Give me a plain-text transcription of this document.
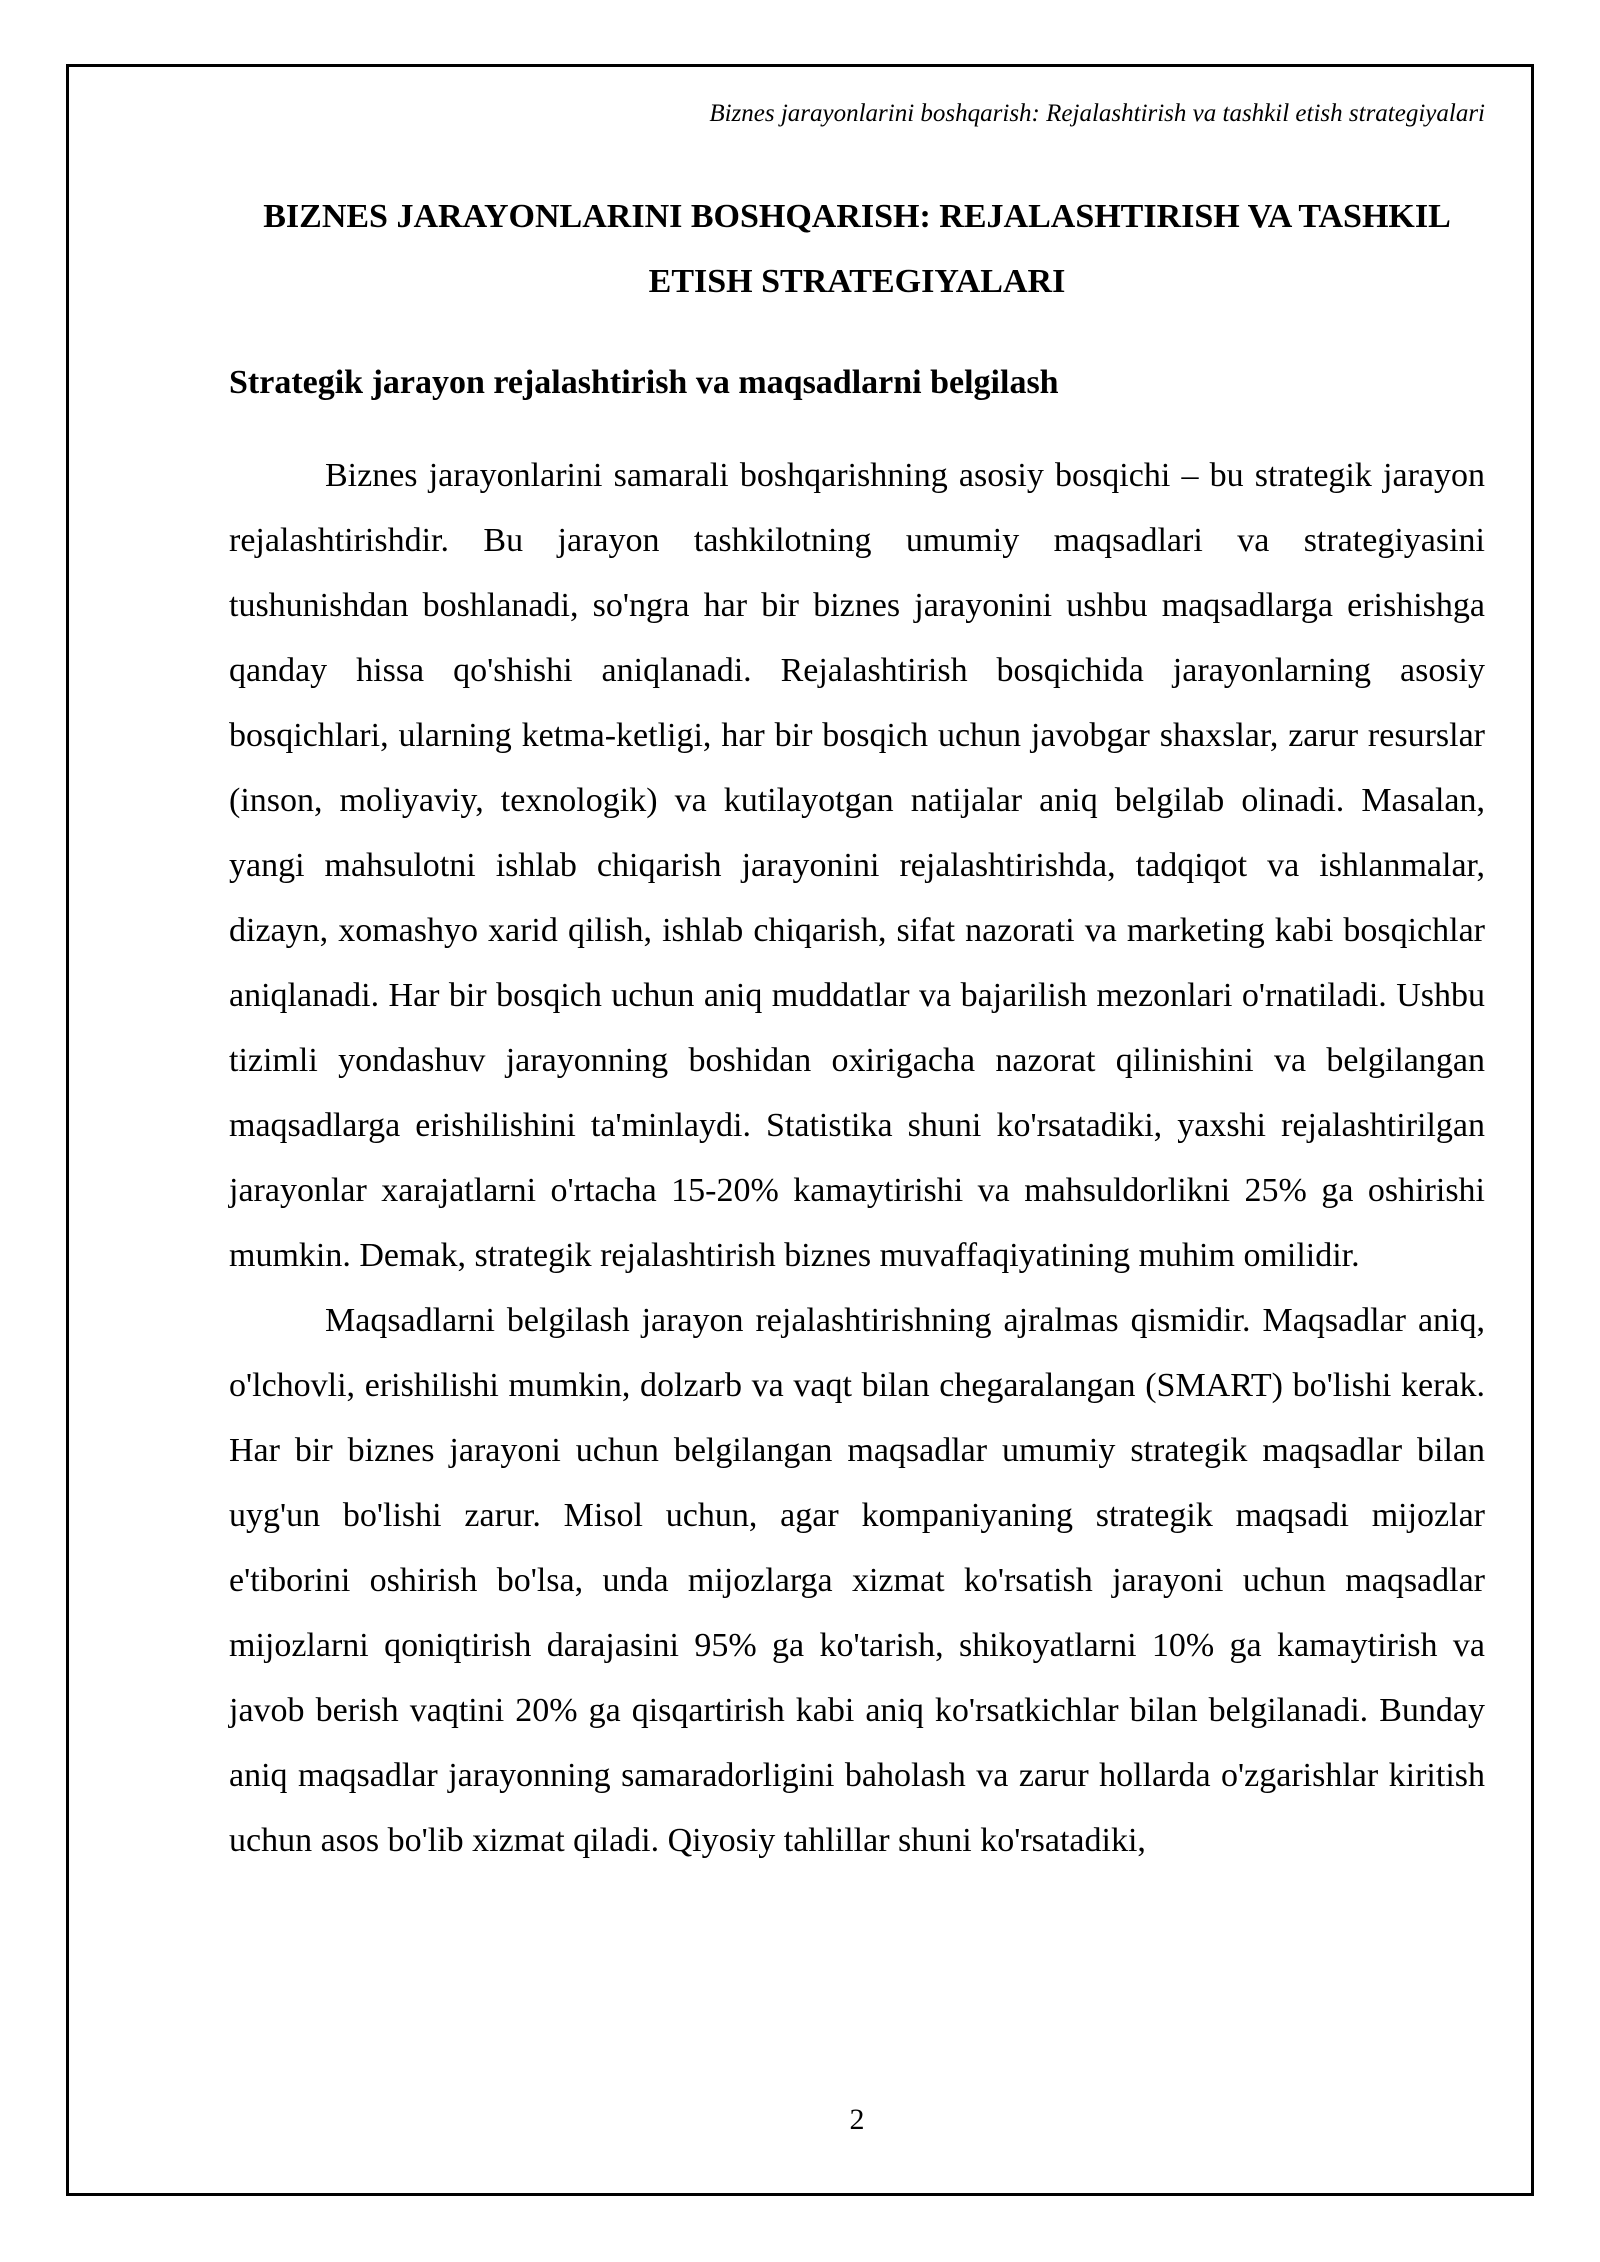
Biznes jarayonlarini boshqarish: Rejalashtirish va tashkil etish strategiyalari
BIZNES JARAYONLARINI BOSHQARISH: REJALASHTIRISH VA TASHKIL ETISH STRATEGIYALARI
Strategik jarayon rejalashtirish va maqsadlarni belgilash

Biznes jarayonlarini samarali boshqarishning asosiy bosqichi – bu strategik jarayon rejalashtirishdir. Bu jarayon tashkilotning umumiy maqsadlari va strategiyasini tushunishdan boshlanadi, so'ngra har bir biznes jarayonini ushbu maqsadlarga erishishga qanday hissa qo'shishi aniqlanadi. Rejalashtirish bosqichida jarayonlarning asosiy bosqichlari, ularning ketma-ketligi, har bir bosqich uchun javobgar shaxslar, zarur resurslar (inson, moliyaviy, texnologik) va kutilayotgan natijalar aniq belgilab olinadi. Masalan, yangi mahsulotni ishlab chiqarish jarayonini rejalashtirishda, tadqiqot va ishlanmalar, dizayn, xomashyo xarid qilish, ishlab chiqarish, sifat nazorati va marketing kabi bosqichlar aniqlanadi. Har bir bosqich uchun aniq muddatlar va bajarilish mezonlari o'rnatiladi. Ushbu tizimli yondashuv jarayonning boshidan oxirigacha nazorat qilinishini va belgilangan maqsadlarga erishilishini ta'minlaydi. Statistika shuni ko'rsatadiki, yaxshi rejalashtirilgan jarayonlar xarajatlarni o'rtacha 15-20% kamaytirishi va mahsuldorlikni 25% ga oshirishi mumkin. Demak, strategik rejalashtirish biznes muvaffaqiyatining muhim omilidir.

Maqsadlarni belgilash jarayon rejalashtirishning ajralmas qismidir. Maqsadlar aniq, o'lchovli, erishilishi mumkin, dolzarb va vaqt bilan chegaralangan (SMART) bo'lishi kerak. Har bir biznes jarayoni uchun belgilangan maqsadlar umumiy strategik maqsadlar bilan uyg'un bo'lishi zarur. Misol uchun, agar kompaniyaning strategik maqsadi mijozlar e'tiborini oshirish bo'lsa, unda mijozlarga xizmat ko'rsatish jarayoni uchun maqsadlar mijozlarni qoniqtirish darajasini 95% ga ko'tarish, shikoyatlarni 10% ga kamaytirish va javob berish vaqtini 20% ga qisqartirish kabi aniq ko'rsatkichlar bilan belgilanadi. Bunday aniq maqsadlar jarayonning samaradorligini baholash va zarur hollarda o'zgarishlar kiritish uchun asos bo'lib xizmat qiladi. Qiyosiy tahlillar shuni ko'rsatadiki,

2
